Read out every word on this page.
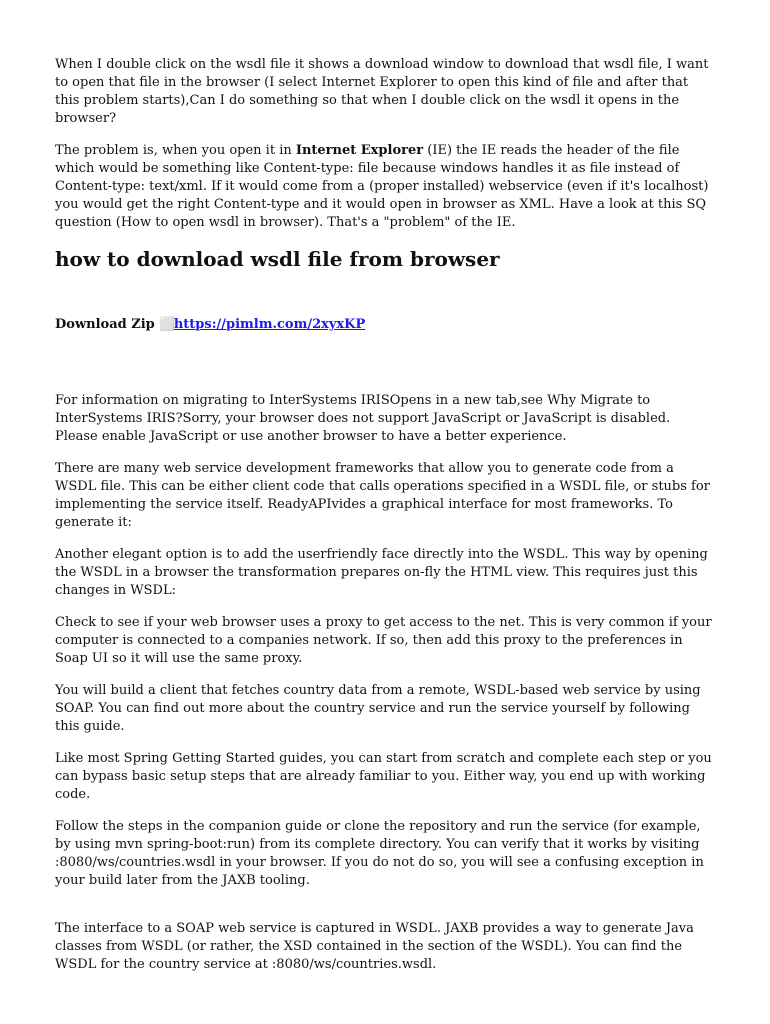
When I double click on the wsdl file it shows a download window to download that wsdl file, I want to open that file in the browser (I select Internet Explorer to open this kind of file and after that this problem starts),Can I do something so that when I double click on the wsdl it opens in the browser?

The problem is, when you open it in Internet Explorer (IE) the IE reads the header of the file which would be something like Content-type: file because windows handles it as file instead of Content-type: text/xml. If it would come from a (proper installed) webservice (even if it's localhost) you would get the right Content-type and it would open in browser as XML. Have a look at this SQ question (How to open wsdl in browser). That's a "problem" of the IE.

how to download wsdl file from browser

Download Zip ⬜ https://pimlm.com/2xyxKP

For information on migrating to InterSystems IRISOpens in a new tab,see Why Migrate to InterSystems IRIS?Sorry, your browser does not support JavaScript or JavaScript is disabled. Please enable JavaScript or use another browser to have a better experience.

There are many web service development frameworks that allow you to generate code from a WSDL file. This can be either client code that calls operations specified in a WSDL file, or stubs for implementing the service itself. ReadyAPIvides a graphical interface for most frameworks. To generate it:

Another elegant option is to add the userfriendly face directly into the WSDL. This way by opening the WSDL in a browser the transformation prepares on-fly the HTML view. This requires just this changes in WSDL:

Check to see if your web browser uses a proxy to get access to the net. This is very common if your computer is connected to a companies network. If so, then add this proxy to the preferences in Soap UI so it will use the same proxy.

You will build a client that fetches country data from a remote, WSDL-based web service by using SOAP. You can find out more about the country service and run the service yourself by following this guide.

Like most Spring Getting Started guides, you can start from scratch and complete each step or you can bypass basic setup steps that are already familiar to you. Either way, you end up with working code.

Follow the steps in the companion guide or clone the repository and run the service (for example, by using mvn spring-boot:run) from its complete directory. You can verify that it works by visiting :8080/ws/countries.wsdl in your browser. If you do not do so, you will see a confusing exception in your build later from the JAXB tooling.

The interface to a SOAP web service is captured in WSDL. JAXB provides a way to generate Java classes from WSDL (or rather, the XSD contained in the section of the WSDL). You can find the WSDL for the country service at :8080/ws/countries.wsdl.
